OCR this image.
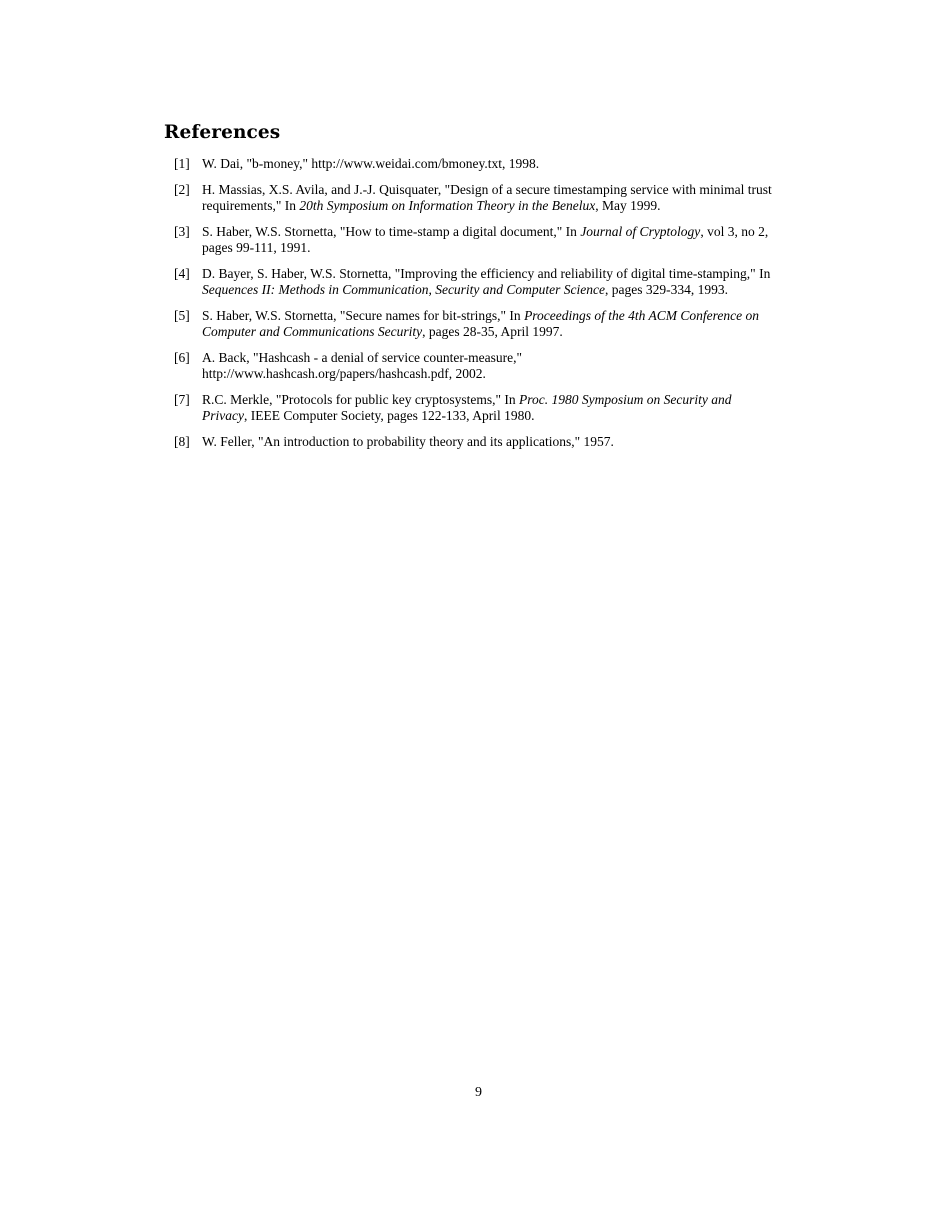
References
[1] W. Dai, "b-money," http://www.weidai.com/bmoney.txt, 1998.
[2] H. Massias, X.S. Avila, and J.-J. Quisquater, "Design of a secure timestamping service with minimal trust requirements," In 20th Symposium on Information Theory in the Benelux, May 1999.
[3] S. Haber, W.S. Stornetta, "How to time-stamp a digital document," In Journal of Cryptology, vol 3, no 2, pages 99-111, 1991.
[4] D. Bayer, S. Haber, W.S. Stornetta, "Improving the efficiency and reliability of digital time-stamping," In Sequences II: Methods in Communication, Security and Computer Science, pages 329-334, 1993.
[5] S. Haber, W.S. Stornetta, "Secure names for bit-strings," In Proceedings of the 4th ACM Conference on Computer and Communications Security, pages 28-35, April 1997.
[6] A. Back, "Hashcash - a denial of service counter-measure," http://www.hashcash.org/papers/hashcash.pdf, 2002.
[7] R.C. Merkle, "Protocols for public key cryptosystems," In Proc. 1980 Symposium on Security and Privacy, IEEE Computer Society, pages 122-133, April 1980.
[8] W. Feller, "An introduction to probability theory and its applications," 1957.
9
